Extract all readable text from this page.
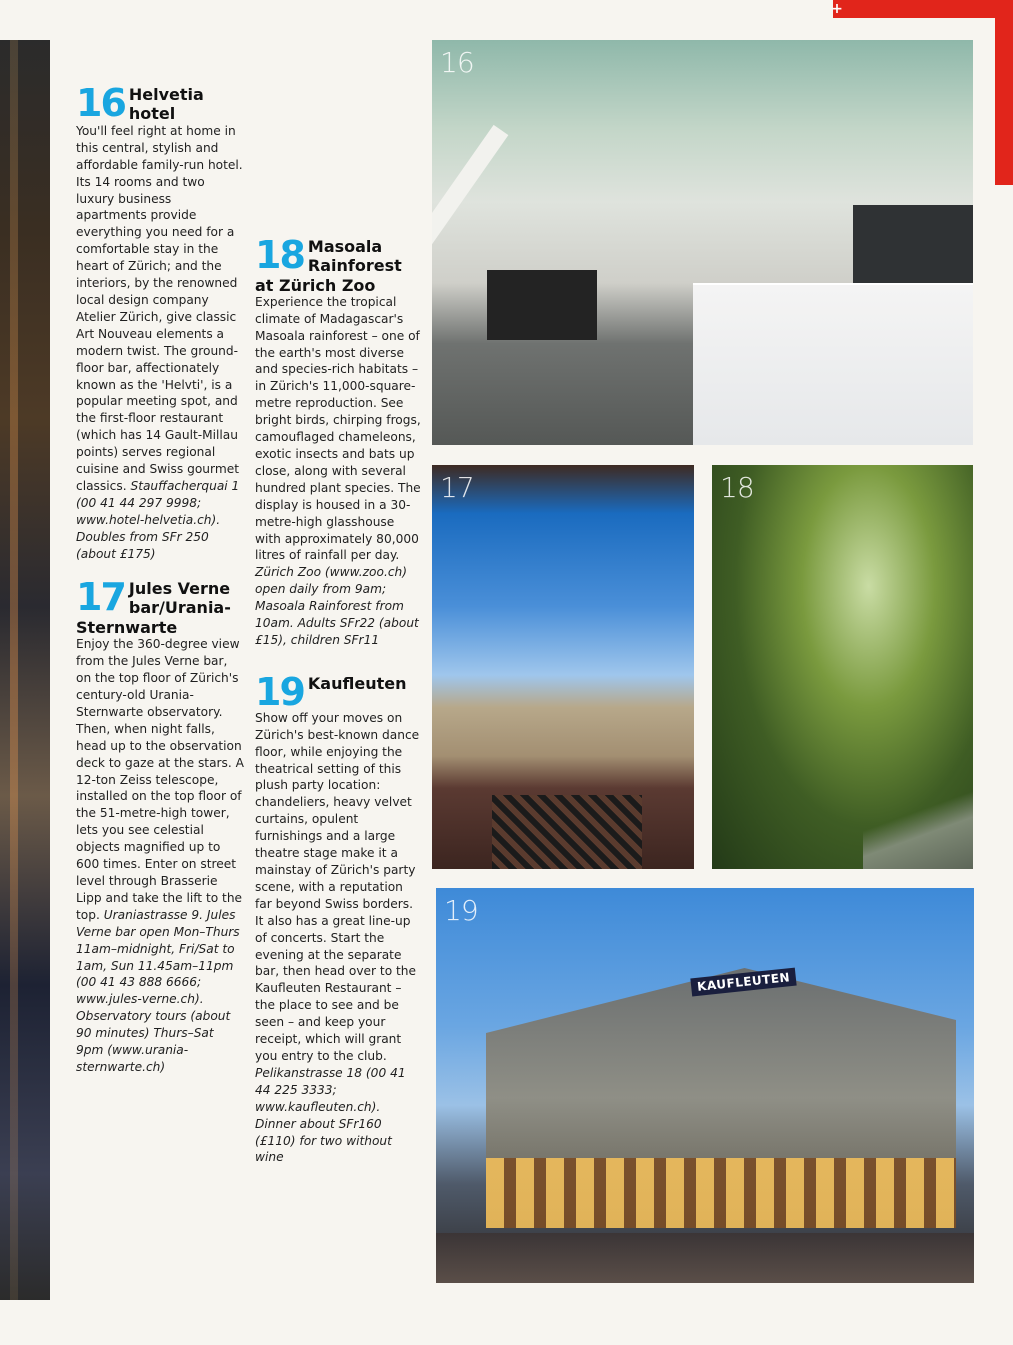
+
16 Helvetia
hotel

You'll feel right at home in this central, stylish and affordable family-run hotel. Its 14 rooms and two luxury business apartments provide everything you need for a comfortable stay in the heart of Zürich; and the interiors, by the renowned local design company Atelier Zürich, give classic Art Nouveau elements a modern twist. The ground-floor bar, affectionately known as the 'Helvti', is a popular meeting spot, and the first-floor restaurant (which has 14 Gault-Millau points) serves regional cuisine and Swiss gourmet classics. Stauffacherquai 1 (00 41 44 297 9998; www.hotel-helvetia.ch). Doubles from SFr 250 (about £175)

17 Jules Verne bar/Urania-
Sternwarte

Enjoy the 360-degree view from the Jules Verne bar, on the top floor of Zürich's century-old Urania-Sternwarte observatory. Then, when night falls, head up to the observation deck to gaze at the stars. A 12-ton Zeiss telescope, installed on the top floor of the 51-metre-high tower, lets you see celestial objects magnified up to 600 times. Enter on street level through Brasserie Lipp and take the lift to the top. Uraniastrasse 9. Jules Verne bar open Mon–Thurs 11am–midnight, Fri/Sat to 1am, Sun 11.45am–11pm (00 41 43 888 6666; www.jules-verne.ch). Observatory tours (about 90 minutes) Thurs–Sat 9pm (www.urania-sternwarte.ch)

18 Masoala Rainforest
at Zürich Zoo

Experience the tropical climate of Madagascar's Masoala rainforest – one of the earth's most diverse and species-rich habitats – in Zürich's 11,000-square-metre reproduction. See bright birds, chirping frogs, camouflaged chameleons, exotic insects and bats up close, along with several hundred plant species. The display is housed in a 30-metre-high glasshouse with approximately 80,000 litres of rainfall per day. Zürich Zoo (www.zoo.ch) open daily from 9am; Masoala Rainforest from 10am. Adults SFr22 (about £15), children SFr11

19 Kaufleuten

Show off your moves on Zürich's best-known dance floor, while enjoying the theatrical setting of this plush party location: chandeliers, heavy velvet curtains, opulent furnishings and a large theatre stage make it a mainstay of Zürich's party scene, with a reputation far beyond Swiss borders. It also has a great line-up of concerts. Start the evening at the separate bar, then head over to the Kaufleuten Restaurant – the place to see and be seen – and keep your receipt, which will grant you entry to the club. Pelikanstrasse 18 (00 41 44 225 3333; www.kaufleuten.ch). Dinner about SFr160 (£110) for two without wine

16
17	18
KAUFLEUTEN
19
